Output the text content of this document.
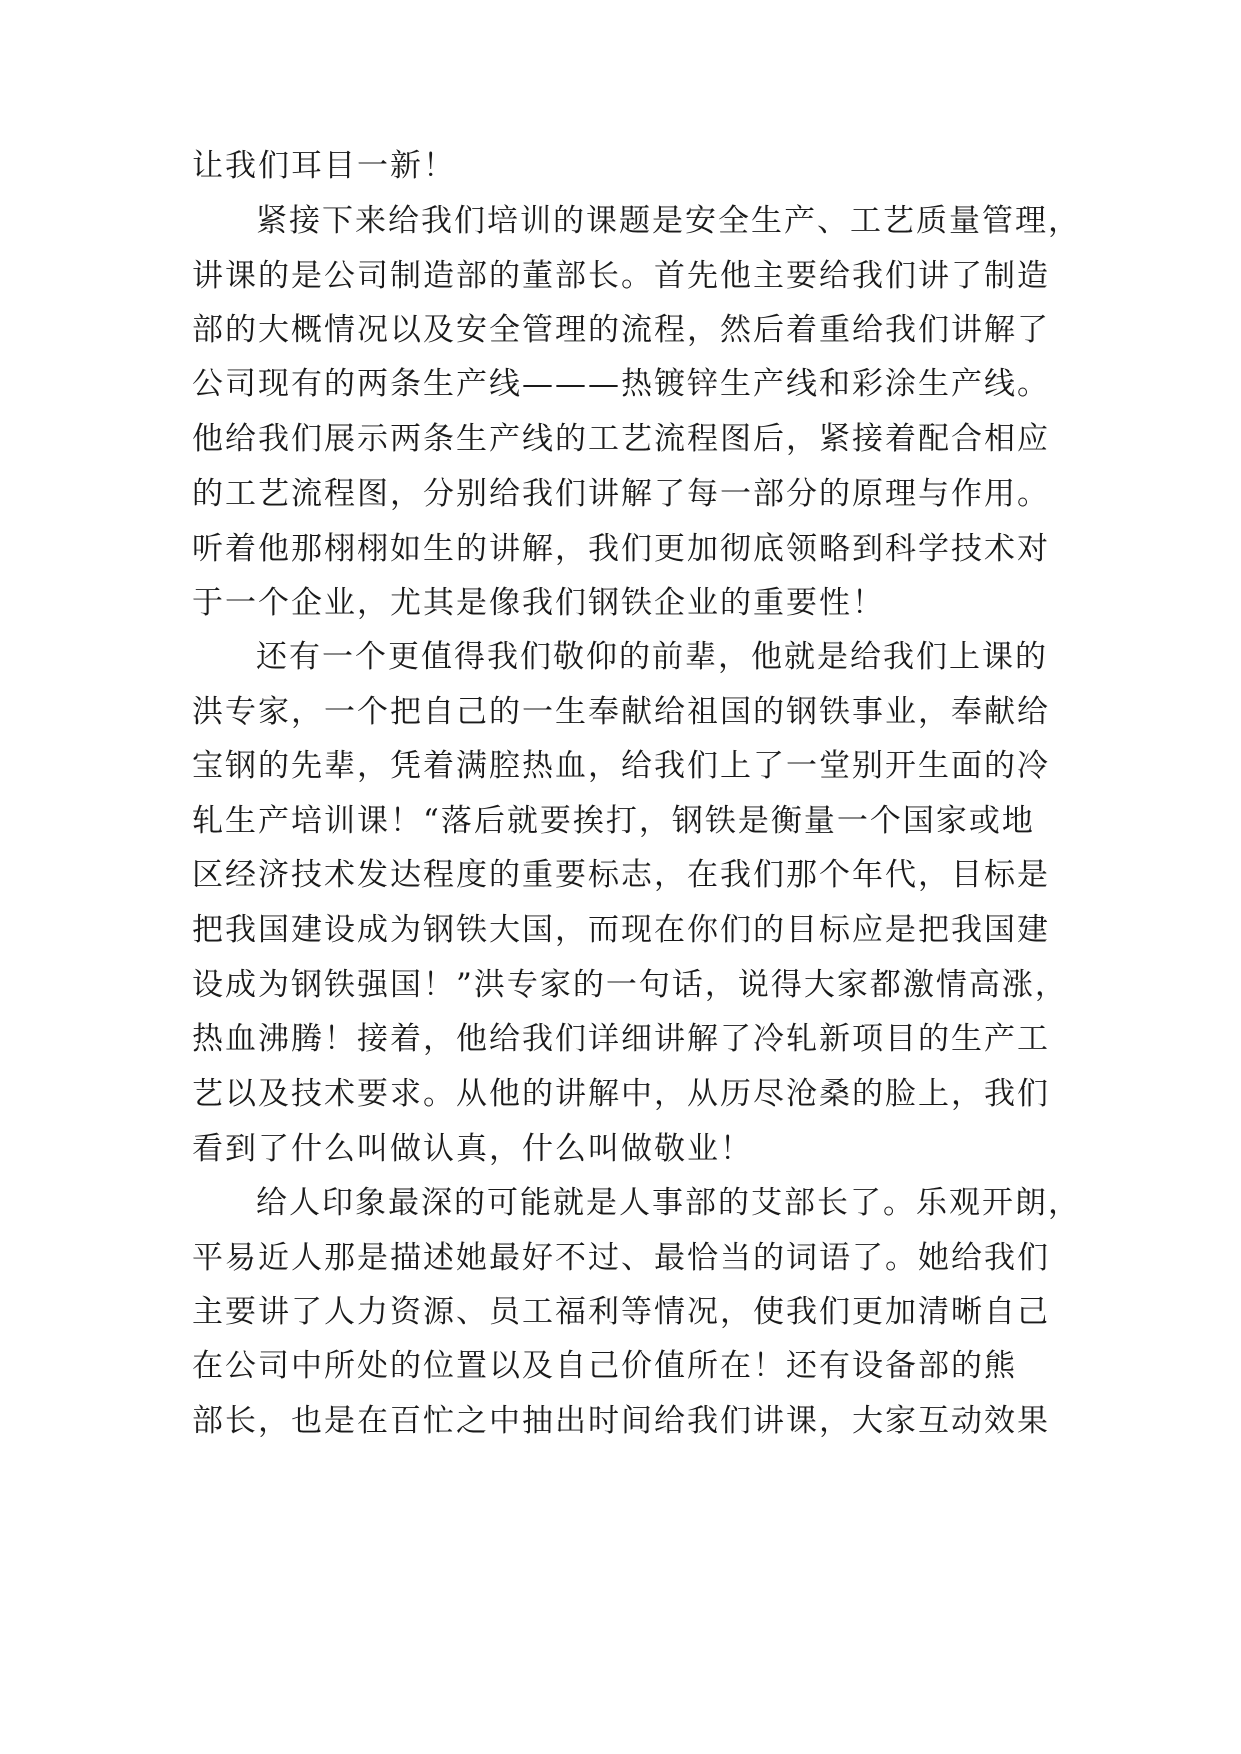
让我们耳目一新！
紧接下来给我们培训的课题是安全生产、工艺质量管理，
讲课的是公司制造部的董部长。首先他主要给我们讲了制造
部的大概情况以及安全管理的流程，然后着重给我们讲解了
公司现有的两条生产线———热镀锌生产线和彩涂生产线。
他给我们展示两条生产线的工艺流程图后，紧接着配合相应
的工艺流程图，分别给我们讲解了每一部分的原理与作用。
听着他那栩栩如生的讲解，我们更加彻底领略到科学技术对
于一个企业，尤其是像我们钢铁企业的重要性！
还有一个更值得我们敬仰的前辈，他就是给我们上课的
洪专家，一个把自己的一生奉献给祖国的钢铁事业，奉献给
宝钢的先辈，凭着满腔热血，给我们上了一堂别开生面的冷
轧生产培训课！“落后就要挨打，钢铁是衡量一个国家或地
区经济技术发达程度的重要标志，在我们那个年代，目标是
把我国建设成为钢铁大国，而现在你们的目标应是把我国建
设成为钢铁强国！”洪专家的一句话，说得大家都激情高涨，
热血沸腾！接着，他给我们详细讲解了冷轧新项目的生产工
艺以及技术要求。从他的讲解中，从历尽沧桑的脸上，我们
看到了什么叫做认真，什么叫做敬业！
给人印象最深的可能就是人事部的艾部长了。乐观开朗，
平易近人那是描述她最好不过、最恰当的词语了。她给我们
主要讲了人力资源、员工福利等情况，使我们更加清晰自己
在公司中所处的位置以及自己价值所在！还有设备部的熊
部长，也是在百忙之中抽出时间给我们讲课，大家互动效果
